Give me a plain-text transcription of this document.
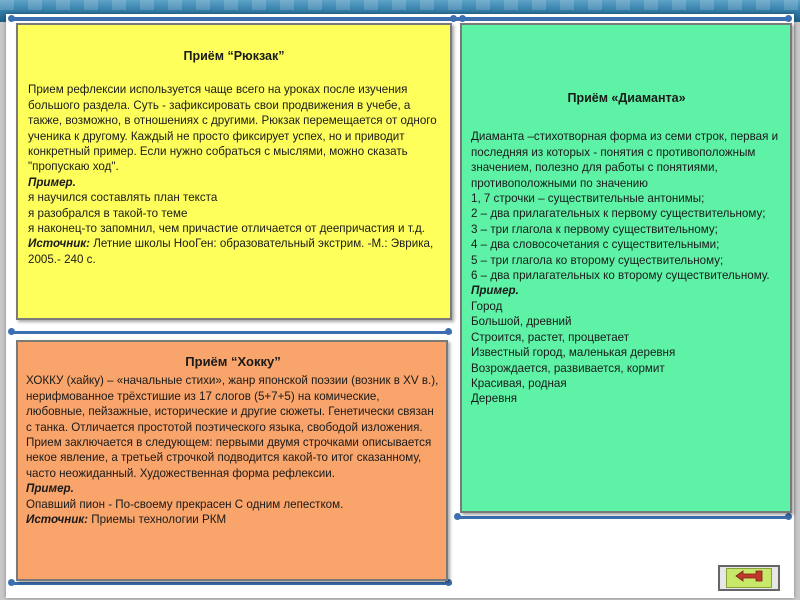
Приём “Рюкзак”

Прием рефлексии используется чаще всего на уроках после изучения большого раздела. Суть - зафиксировать свои продвижения в учебе, а также, возможно, в отношениях с другими. Рюкзак перемещается от одного ученика к другому. Каждый не просто фиксирует успех, но и приводит конкретный пример. Если нужно собраться с мыслями, можно сказать "пропускаю ход".

Пример.

я научился составлять план текста

я разобрался в такой-то теме

я наконец-то запомнил, чем причастие отличается от деепричастия и т.д.

Источник: Летние школы НооГен: образовательный экстрим. -М.: Эврика, 2005.- 240 с.

Приём “Хокку”

ХОККУ (хайку) – «начальные стихи», жанр японской поэзии (возник в XV в.), нерифмованное трёхстишие из 17 слогов (5+7+5) на комические, любовные, пейзажные, исторические и другие сюжеты. Генетически связан с танка. Отличается простотой поэтического языка, свободой изложения. Прием заключается в следующем: первыми двумя строчками описывается некое явление, а третьей строчкой подводится какой-то итог сказанному, часто неожиданный. Художественная форма рефлексии.

Пример.

Опавший пион - По-своему прекрасен С одним лепестком.

Источник: Приемы технологии РКМ

Приём «Диаманта»

Диаманта –стихотворная форма из семи строк, первая и последняя из которых - понятия с противоположным значением, полезно для работы с понятиями, противоположными по значению

1, 7 строчки – существительные антонимы;

2 – два прилагательных к первому существительному;

3 – три глагола к первому существительному;

4 – два словосочетания с существительными;

5 – три глагола ко второму существительному;

6 – два прилагательных ко второму существительному.

Пример.

Город

Большой, древний

Строится, растет, процветает

Известный город, маленькая деревня

Возрождается, развивается, кормит

Красивая, родная

Деревня
